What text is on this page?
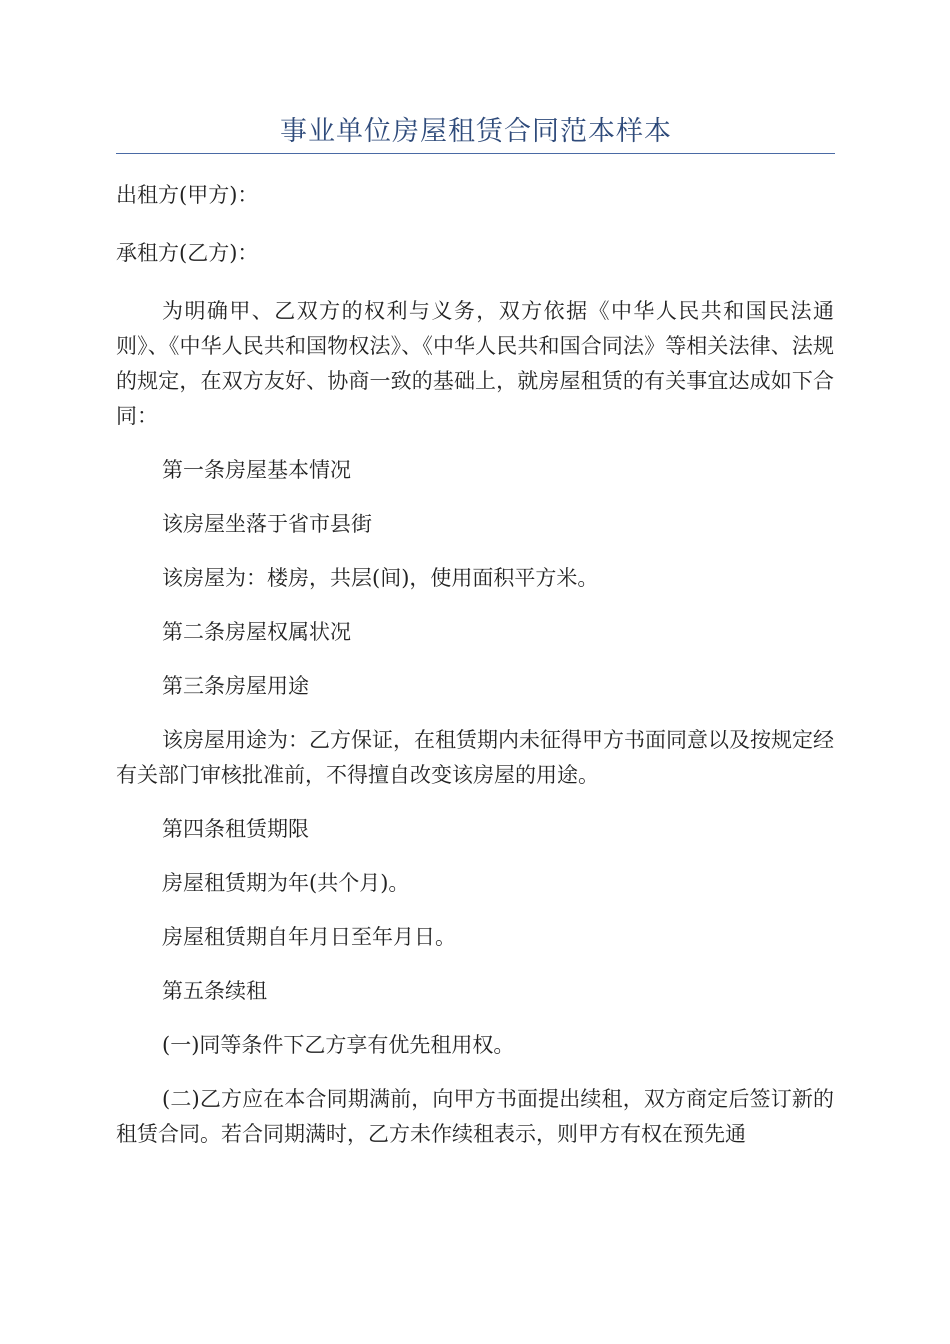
事业单位房屋租赁合同范本样本

出租方(甲方)：

承租方(乙方)：

为明确甲、乙双方的权利与义务，双方依据《中华人民共和国民法通则》、《中华人民共和国物权法》、《中华人民共和国合同法》等相关法律、法规的规定，在双方友好、协商一致的基础上，就房屋租赁的有关事宜达成如下合同：

第一条房屋基本情况

该房屋坐落于省市县街

该房屋为：楼房，共层(间)，使用面积平方米。

第二条房屋权属状况

第三条房屋用途

该房屋用途为：乙方保证，在租赁期内未征得甲方书面同意以及按规定经有关部门审核批准前，不得擅自改变该房屋的用途。

第四条租赁期限

房屋租赁期为年(共个月)。

房屋租赁期自年月日至年月日。

第五条续租

(一)同等条件下乙方享有优先租用权。

(二)乙方应在本合同期满前，向甲方书面提出续租，双方商定后签订新的租赁合同。若合同期满时，乙方未作续租表示，则甲方有权在预先通
